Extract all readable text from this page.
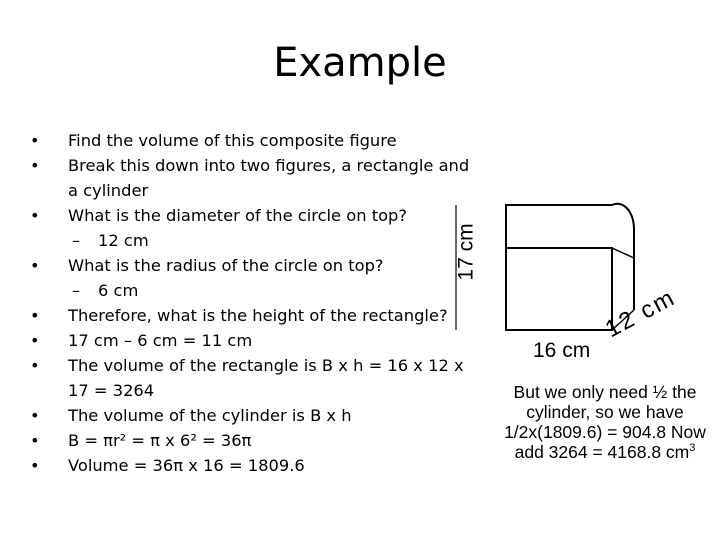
Example
• Find the volume of this composite figure
• Break this down into two figures, a rectangle and a cylinder
• What is the diameter of the circle on top?
– 12 cm
• What is the radius of the circle on top?
– 6 cm
• Therefore, what is the height of the rectangle?
• 17 cm – 6 cm = 11 cm
• The volume of the rectangle is B x h = 16 x 12 x 17 = 3264
• The volume of the cylinder is B x h
• B = πr² = π x 6² = 36π
• Volume = 36π x 16 = 1809.6
17 cm
16 cm
12 cm
But we only need ½ the cylinder, so we have 1/2x(1809.6) = 904.8 Now add 3264 = 4168.8 $cm^3$
